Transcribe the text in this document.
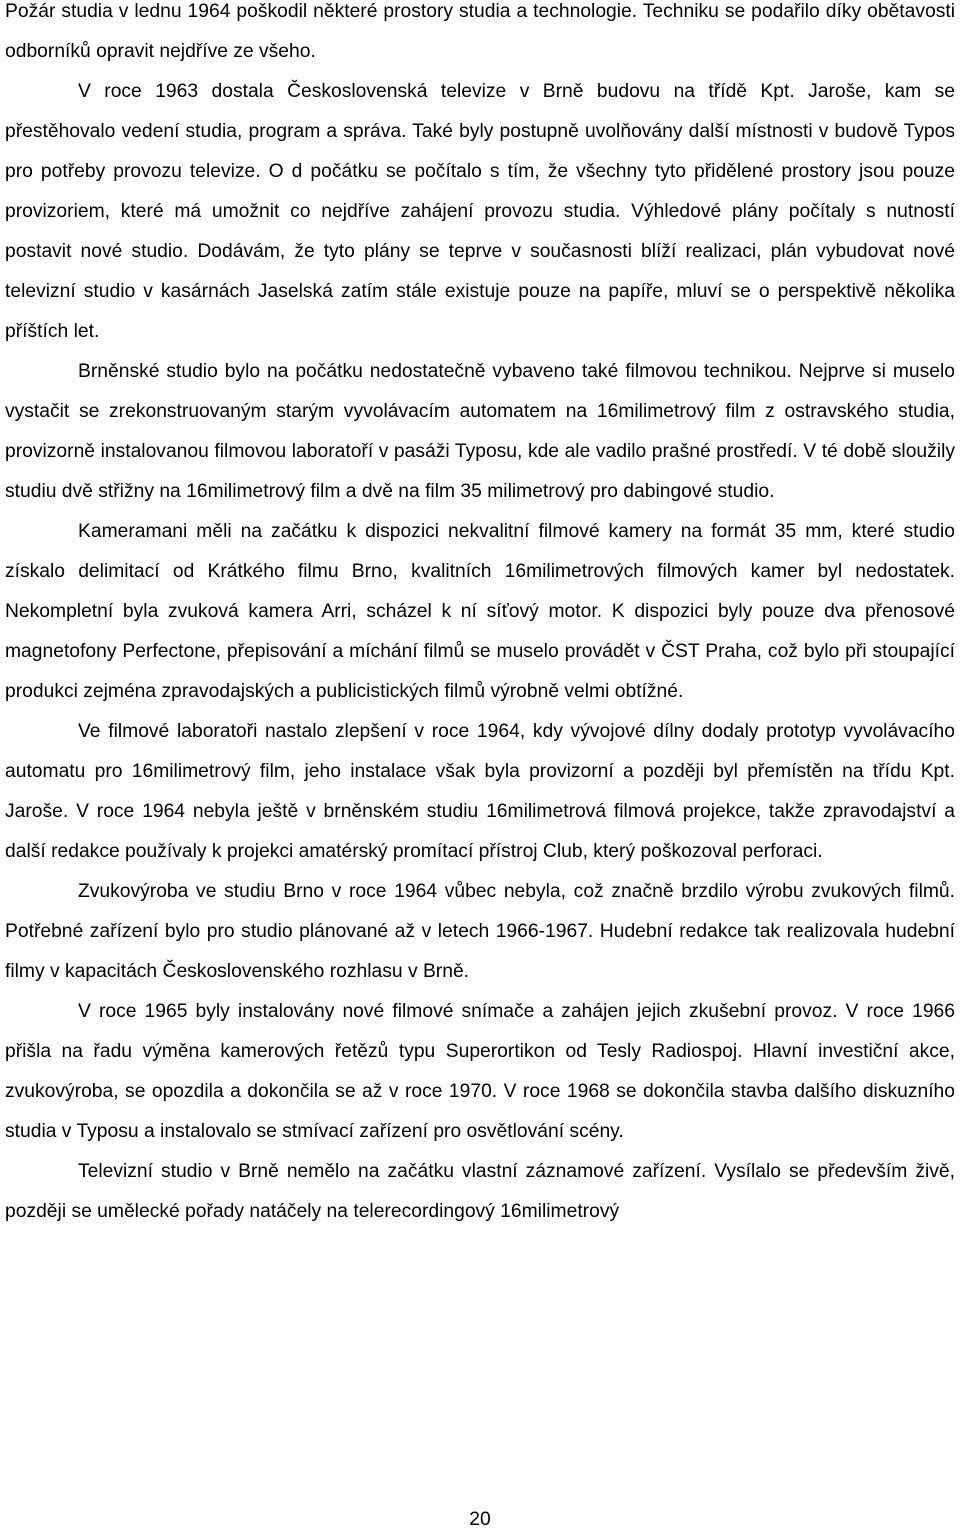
Požár studia v lednu 1964 poškodil některé prostory studia a technologie. Techniku se podařilo díky obětavosti odborníků opravit nejdříve ze všeho.

V roce 1963 dostala Československá televize v Brně budovu na třídě Kpt. Jaroše, kam se přestěhovalo vedení studia, program a správa. Také byly postupně uvolňovány další místnosti v budově Typos pro potřeby provozu televize. O d počátku se počítalo s tím, že všechny tyto přidělené prostory jsou pouze provizoriem, které má umožnit co nejdříve zahájení provozu studia. Výhledové plány počítaly s nutností postavit nové studio. Dodávám, že tyto plány se teprve v současnosti blíží realizaci, plán vybudovat nové televizní studio v kasárnách Jaselská zatím stále existuje pouze na papíře, mluví se o perspektivě několika příštích let.

Brněnské studio bylo na počátku nedostatečně vybaveno také filmovou technikou. Nejprve si muselo vystačit se zrekonstruovaným starým vyvolávacím automatem na 16milimetrový film z ostravského studia, provizorně instalovanou filmovou laboratoří v pasáži Typosu, kde ale vadilo prašné prostředí. V té době sloužily studiu dvě střižny na 16milimetrový film a dvě na film 35 milimetrový pro dabingové studio.

Kameramani měli na začátku k dispozici nekvalitní filmové kamery na formát 35 mm, které studio získalo delimitací od Krátkého filmu Brno, kvalitních 16milimetrových filmových kamer byl nedostatek. Nekompletní byla zvuková kamera Arri, scházel k ní síťový motor. K dispozici byly pouze dva přenosové magnetofony Perfectone, přepisování a míchání filmů se muselo provádět v ČST Praha, což bylo při stoupající produkci zejména zpravodajských a publicistických filmů výrobně velmi obtížné.

Ve filmové laboratoři nastalo zlepšení v roce 1964, kdy vývojové dílny dodaly prototyp vyvolávacího automatu pro 16milimetrový film, jeho instalace však byla provizorní a později byl přemístěn na třídu Kpt. Jaroše. V roce 1964 nebyla ještě v brněnském studiu 16milimetrová filmová projekce, takže zpravodajství a další redakce používaly k projekci amatérský promítací přístroj Club, který poškozoval perforaci.

Zvukovýroba ve studiu Brno v roce 1964 vůbec nebyla, což značně brzdilo výrobu zvukových filmů. Potřebné zařízení bylo pro studio plánované až v letech 1966-1967. Hudební redakce tak realizovala hudební filmy v kapacitách Československého rozhlasu v Brně.

V roce 1965 byly instalovány nové filmové snímače a zahájen jejich zkušební provoz. V roce 1966 přišla na řadu výměna kamerových řetězů typu Superortikon od Tesly Radiospoj. Hlavní investiční akce, zvukovýroba, se opozdila a dokončila se až v roce 1970. V roce 1968 se dokončila stavba dalšího diskuzního studia v Typosu a instalovalo se stmívací zařízení pro osvětlování scény.

Televizní studio v Brně nemělo na začátku vlastní záznamové zařízení. Vysílalo se především živě, později se umělecké pořady natáčely na telerecordingový 16milimetrový

20
